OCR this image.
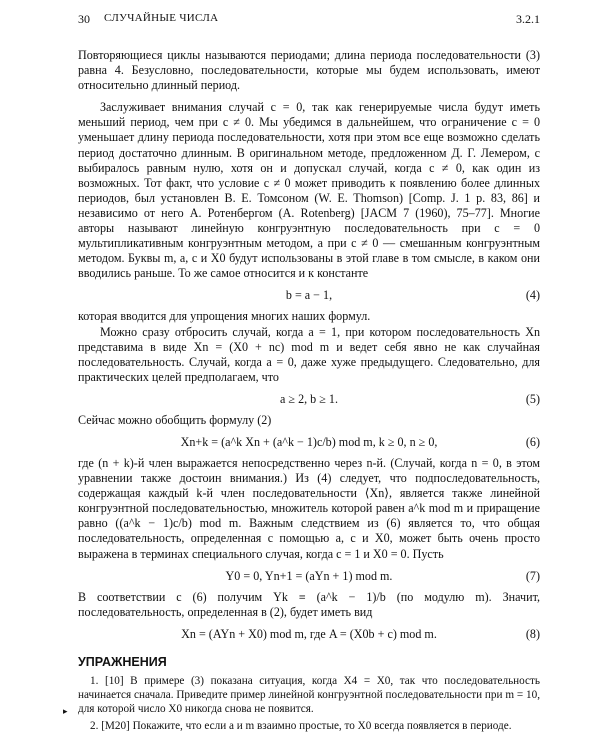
30 СЛУЧАЙНЫЕ ЧИСЛА	3.2.1

Повторяющиеся циклы называются периодами; длина периода последовательности (3) равна 4. Безусловно, последовательности, которые мы будем использовать, имеют относительно длинный период.

Заслуживает внимания случай c = 0, так как генерируемые числа будут иметь меньший период, чем при c ≠ 0. Мы убедимся в дальнейшем, что ограничение c = 0 уменьшает длину периода последовательности, хотя при этом все еще возможно сделать период достаточно длинным. В оригинальном методе, предложенном Д. Г. Лемером, c выбиралось равным нулю, хотя он и допускал случай, когда c ≠ 0, как один из возможных. Тот факт, что условие c ≠ 0 может приводить к появлению более длинных периодов, был установлен В. Е. Томсоном (W. E. Thomson) [Comp. J. 1 p. 83, 86] и независимо от него А. Ротенбергом (A. Rotenberg) [JACM 7 (1960), 75–77]. Многие авторы называют линейную конгруэнтную последовательность при c = 0 мультипликативным конгруэнтным методом, а при c ≠ 0 — смешанным конгруэнтным методом. Буквы m, a, c и X0 будут использованы в этой главе в том смысле, в каком они вводились раньше. То же самое относится и к константе

b = a − 1,	(4)

которая вводится для упрощения многих наших формул.

Можно сразу отбросить случай, когда a = 1, при котором последовательность Xn представима в виде Xn = (X0 + nc) mod m и ведет себя явно не как случайная последовательность. Случай, когда a = 0, даже хуже предыдущего. Следовательно, для практических целей предполагаем, что

a ≥ 2, b ≥ 1.	(5)

Сейчас можно обобщить формулу (2)

Xn+k = (a^k Xn + (a^k − 1)c/b) mod m, k ≥ 0, n ≥ 0,	(6)

где (n + k)-й член выражается непосредственно через n-й. (Случай, когда n = 0, в этом уравнении также достоин внимания.) Из (4) следует, что подпоследовательность, содержащая каждый k-й член последовательности ⟨Xn⟩, является также линейной конгруэнтной последовательностью, множитель которой равен a^k mod m и приращение равно ((a^k − 1)c/b) mod m. Важным следствием из (6) является то, что общая последовательность, определенная с помощью a, c и X0, может быть очень просто выражена в терминах специального случая, когда c = 1 и X0 = 0. Пусть

Y0 = 0, Yn+1 = (aYn + 1) mod m.	(7)

В соответствии с (6) получим Yk ≡ (a^k − 1)/b (по модулю m). Значит, последовательность, определенная в (2), будет иметь вид

Xn = (AYn + X0) mod m, где A = (X0b + c) mod m.	(8)
УПРАЖНЕНИЯ

1. [10] В примере (3) показана ситуация, когда X4 = X0, так что последовательность начинается сначала. Приведите пример линейной конгруэнтной последовательности при m = 10, для которой число X0 никогда снова не появится.

2. [M20] Покажите, что если a и m взаимно простые, то X0 всегда появляется в периоде.

▸
